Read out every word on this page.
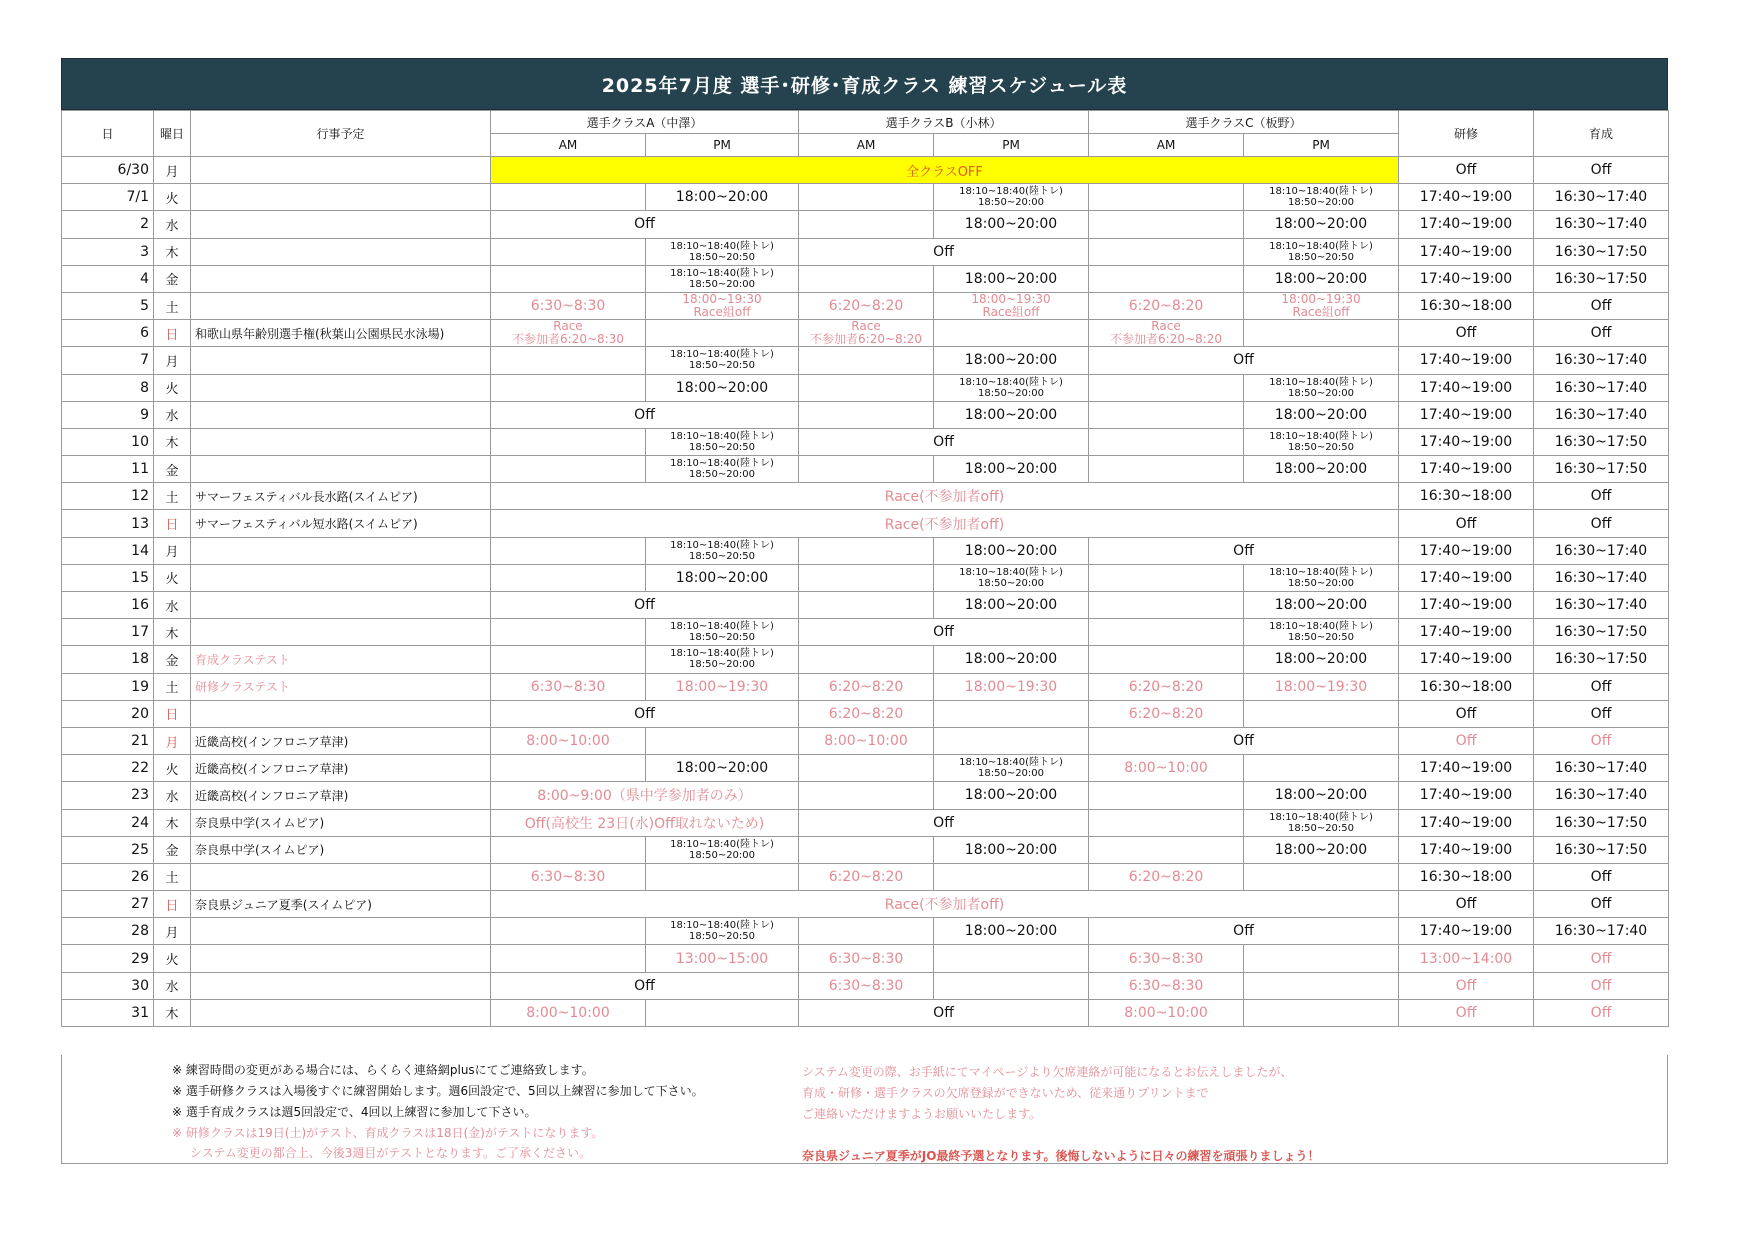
2025年7月度 選手･研修･育成クラス 練習スケジュール表
日	曜日	行事予定	選手クラスA（中澤）		選手クラスB（小林）		選手クラスC（板野）		研修	育成
			AM	PM	AM	PM	AM	PM		
6/30	月		全クラスOFF						Off	Off
7/1	火			18:00~20:00		18:10~18:40(陸トレ)
18:50~20:00		18:10~18:40(陸トレ)
18:50~20:00	17:40~19:00	16:30~17:40
2	水		Off			18:00~20:00		18:00~20:00	17:40~19:00	16:30~17:40
3	木			18:10~18:40(陸トレ)
18:50~20:50	Off			18:10~18:40(陸トレ)
18:50~20:50	17:40~19:00	16:30~17:50
4	金			18:10~18:40(陸トレ)
18:50~20:00		18:00~20:00		18:00~20:00	17:40~19:00	16:30~17:50
5	土		6:30~8:30	18:00~19:30
Race組off	6:20~8:20	18:00~19:30
Race組off	6:20~8:20	18:00~19:30
Race組off	16:30~18:00	Off
6	日	和歌山県年齢別選手権(秋葉山公園県民水泳場)	Race
不参加者6:20~8:30		Race
不参加者6:20~8:20		Race
不参加者6:20~8:20		Off	Off
7	月			18:10~18:40(陸トレ)
18:50~20:50		18:00~20:00	Off		17:40~19:00	16:30~17:40
8	火			18:00~20:00		18:10~18:40(陸トレ)
18:50~20:00		18:10~18:40(陸トレ)
18:50~20:00	17:40~19:00	16:30~17:40
9	水		Off			18:00~20:00		18:00~20:00	17:40~19:00	16:30~17:40
10	木			18:10~18:40(陸トレ)
18:50~20:50	Off			18:10~18:40(陸トレ)
18:50~20:50	17:40~19:00	16:30~17:50
11	金			18:10~18:40(陸トレ)
18:50~20:00		18:00~20:00		18:00~20:00	17:40~19:00	16:30~17:50
12	土	サマーフェスティバル長水路(スイムピア)	Race(不参加者off)						16:30~18:00	Off
13	日	サマーフェスティバル短水路(スイムピア)	Race(不参加者off)						Off	Off
14	月			18:10~18:40(陸トレ)
18:50~20:50		18:00~20:00	Off		17:40~19:00	16:30~17:40
15	火			18:00~20:00		18:10~18:40(陸トレ)
18:50~20:00		18:10~18:40(陸トレ)
18:50~20:00	17:40~19:00	16:30~17:40
16	水		Off			18:00~20:00		18:00~20:00	17:40~19:00	16:30~17:40
17	木			18:10~18:40(陸トレ)
18:50~20:50	Off			18:10~18:40(陸トレ)
18:50~20:50	17:40~19:00	16:30~17:50
18	金	育成クラステスト		18:10~18:40(陸トレ)
18:50~20:00		18:00~20:00		18:00~20:00	17:40~19:00	16:30~17:50
19	土	研修クラステスト	6:30~8:30	18:00~19:30	6:20~8:20	18:00~19:30	6:20~8:20	18:00~19:30	16:30~18:00	Off
20	日		Off		6:20~8:20		6:20~8:20		Off	Off
21	月	近畿高校(インフロニア草津)	8:00~10:00		8:00~10:00		Off		Off	Off
22	火	近畿高校(インフロニア草津)		18:00~20:00		18:10~18:40(陸トレ)
18:50~20:00	8:00~10:00		17:40~19:00	16:30~17:40
23	水	近畿高校(インフロニア草津)	8:00~9:00（県中学参加者のみ）			18:00~20:00		18:00~20:00	17:40~19:00	16:30~17:40
24	木	奈良県中学(スイムピア)	Off(高校生 23日(水)Off取れないため)		Off			18:10~18:40(陸トレ)
18:50~20:50	17:40~19:00	16:30~17:50
25	金	奈良県中学(スイムピア)		18:10~18:40(陸トレ)
18:50~20:00		18:00~20:00		18:00~20:00	17:40~19:00	16:30~17:50
26	土		6:30~8:30		6:20~8:20		6:20~8:20		16:30~18:00	Off
27	日	奈良県ジュニア夏季(スイムピア)	Race(不参加者off)						Off	Off
28	月			18:10~18:40(陸トレ)
18:50~20:50		18:00~20:00	Off		17:40~19:00	16:30~17:40
29	火			13:00~15:00	6:30~8:30		6:30~8:30		13:00~14:00	Off
30	水		Off		6:30~8:30		6:30~8:30		Off	Off
31	木		8:00~10:00		Off		8:00~10:00		Off	Off
※ 練習時間の変更がある場合には、らくらく連絡網plusにてご連絡致します。
※ 選手研修クラスは入場後すぐに練習開始します。週6回設定で、5回以上練習に参加して下さい。
※ 選手育成クラスは週5回設定で、4回以上練習に参加して下さい。
※ 研修クラスは19日(土)がテスト、育成クラスは18日(金)がテストになります。
システム変更の都合上、今後3週目がテストとなります。ご了承ください。
システム変更の際、お手紙にてマイページより欠席連絡が可能になるとお伝えしましたが、
育成・研修・選手クラスの欠席登録ができないため、従来通りプリントまで
ご連絡いただけますようお願いいたします。
奈良県ジュニア夏季がJO最終予選となります。後悔しないように日々の練習を頑張りましょう！
